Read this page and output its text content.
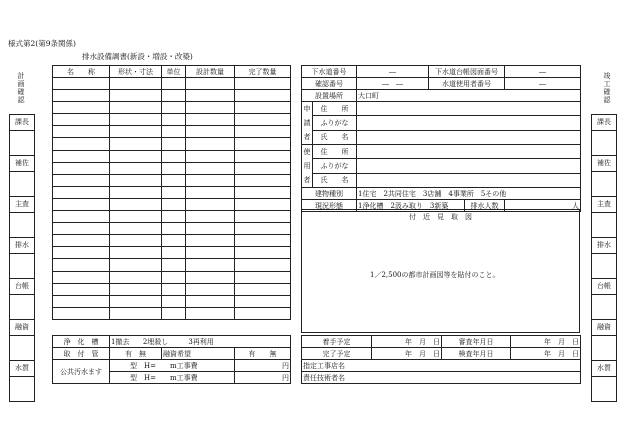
様式第2(第9条関係)
排水設備調書(新設・増設・改築)
計画確認
課長
補佐
主査
排水
台帳
融資
水質
竣工確認
課長
補佐
主査
排水
台帳
融資
水質
名　　称	形状・寸法	単位	設計数量	完了数量

浄　化　槽	1撤去 2埋殺し 3再利用		
取　付　管	有　無	融資希望	有　　無
公共汚水ます	型　H=　　m工事費		円
	型　H=　　m工事費		円
下水道番号		―	下水道台帳図面番号		―
確認番号		―　―	水道使用者番号		―
設置場所		大口町			
申請者	住　　所				
	ふりがな				
	氏　　名				
使用者	住　　所				
	ふりがな				
	氏　　名				
建物種別		1住宅　2共同住宅　3店舗　4事業所　5その他			
現況形態		1浄化槽　2汲み取り　3新築		排水人数	人
付　近　見　取　図
1／2,500の都市計画図等を貼付のこと。
着手予定	年　月　日	審査年月日	年　月　日
完了予定	年　月　日	検査年月日	年　月　日
指定工事店名			
責任技術者名			
